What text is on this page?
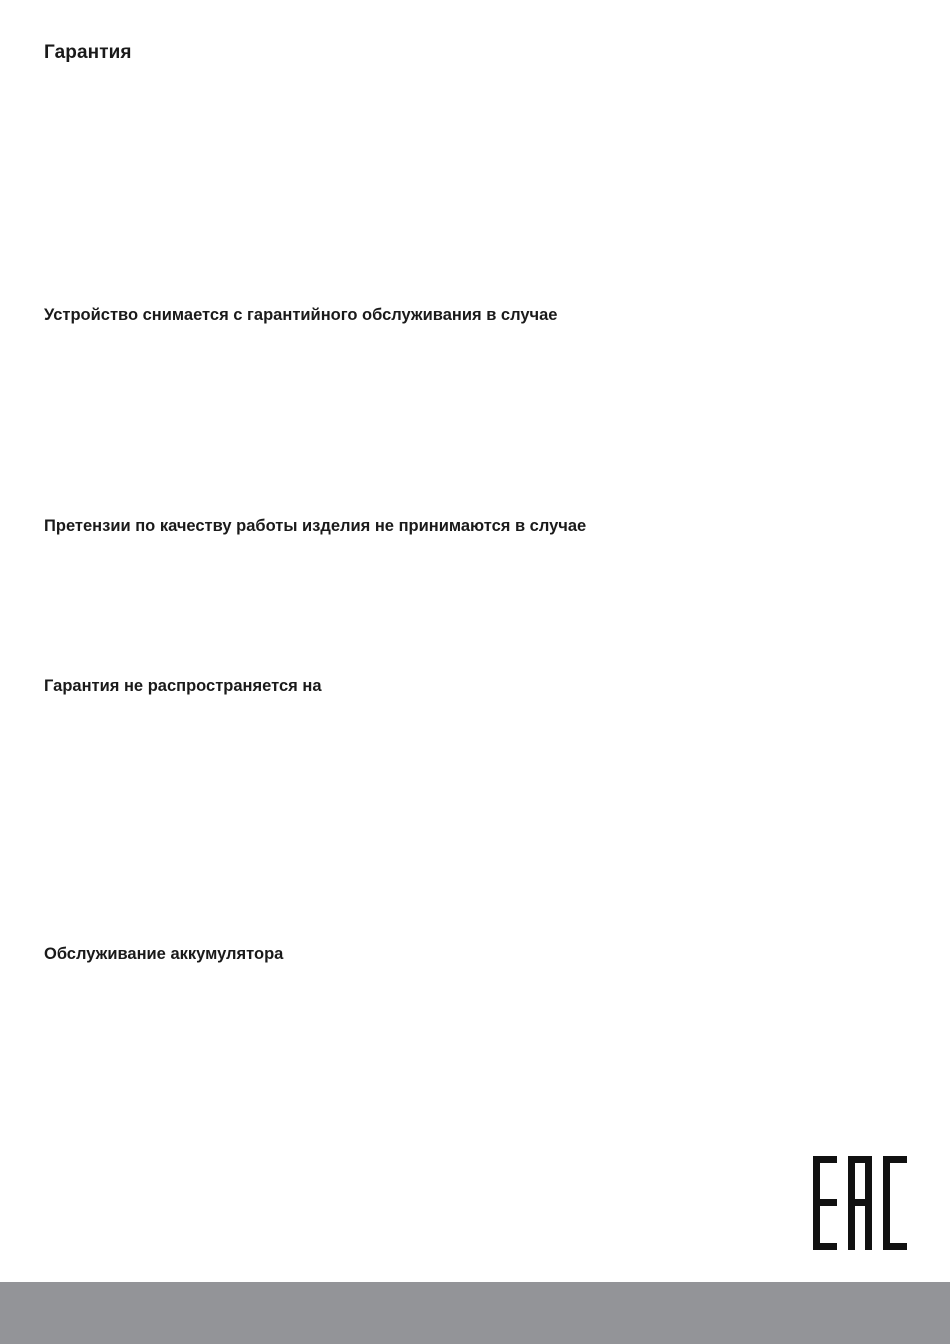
Гарантия
Устройство снимается с гарантийного обслуживания в случае
Претензии по качеству работы изделия не принимаются в случае
Гарантия не распространяется на
Обслуживание аккумулятора
